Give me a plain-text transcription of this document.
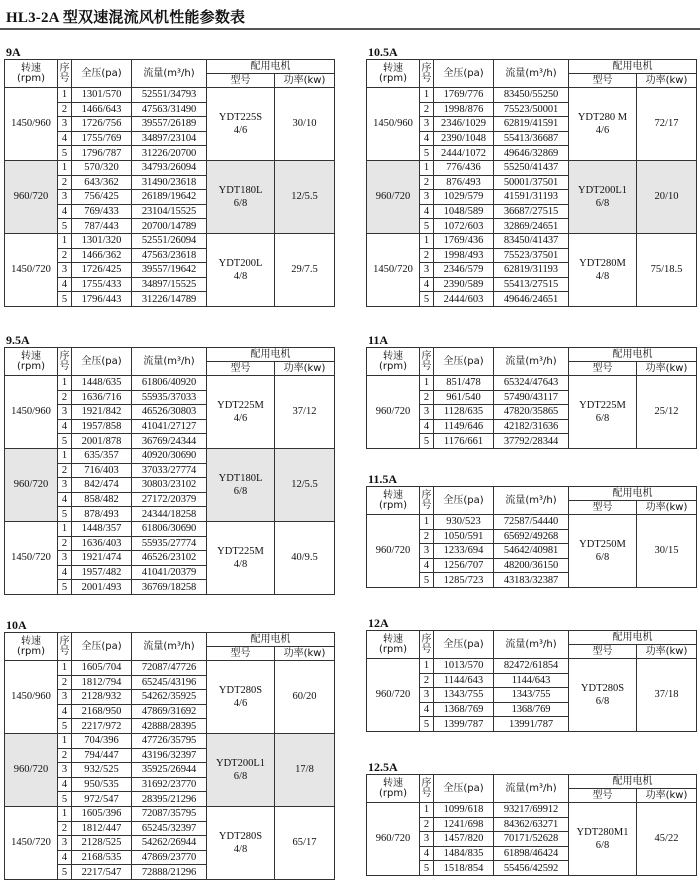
HL3-2A 型双速混流风机性能参数表
9A
转速
(rpm)	序号	全压(pa)	流量(m³/h)	配用电机	
				型号	功率(kw)
1450/960	1	1301/570	52551/34793	YDT225S
4/6	30/10
	2	1466/643	47563/31490		
	3	1726/756	39557/26189		
	4	1755/769	34897/23104		
	5	1796/787	31226/20700		
960/720	1	570/320	34793/26094	YDT180L
6/8	12/5.5
	2	643/362	31490/23618		
	3	756/425	26189/19642		
	4	769/433	23104/15525		
	5	787/443	20700/14789		
1450/720	1	1301/320	52551/26094	YDT200L
4/8	29/7.5
	2	1466/362	47563/23618		
	3	1726/425	39557/19642		
	4	1755/433	34897/15525		
	5	1796/443	31226/14789		
9.5A
转速
(rpm)	序号	全压(pa)	流量(m³/h)	配用电机	
				型号	功率(kw)
1450/960	1	1448/635	61806/40920	YDT225M
4/6	37/12
	2	1636/716	55935/37033		
	3	1921/842	46526/30803		
	4	1957/858	41041/27127		
	5	2001/878	36769/24344		
960/720	1	635/357	40920/30690	YDT180L
6/8	12/5.5
	2	716/403	37033/27774		
	3	842/474	30803/23102		
	4	858/482	27172/20379		
	5	878/493	24344/18258		
1450/720	1	1448/357	61806/30690	YDT225M
4/8	40/9.5
	2	1636/403	55935/27774		
	3	1921/474	46526/23102		
	4	1957/482	41041/20379		
	5	2001/493	36769/18258		
10A
转速
(rpm)	序号	全压(pa)	流量(m³/h)	配用电机	
				型号	功率(kw)
1450/960	1	1605/704	72087/47726	YDT280S
4/6	60/20
	2	1812/794	65245/43196		
	3	2128/932	54262/35925		
	4	2168/950	47869/31692		
	5	2217/972	42888/28395		
960/720	1	704/396	47726/35795	YDT200L1
6/8	17/8
	2	794/447	43196/32397		
	3	932/525	35925/26944		
	4	950/535	31692/23770		
	5	972/547	28395/21296		
1450/720	1	1605/396	72087/35795	YDT280S
4/8	65/17
	2	1812/447	65245/32397		
	3	2128/525	54262/26944		
	4	2168/535	47869/23770		
	5	2217/547	72888/21296		
10.5A
转速
(rpm)	序号	全压(pa)	流量(m³/h)	配用电机	
				型号	功率(kw)
1450/960	1	1769/776	83450/55250	YDT280 M
4/6	72/17
	2	1998/876	75523/50001		
	3	2346/1029	62819/41591		
	4	2390/1048	55413/36687		
	5	2444/1072	49646/32869		
960/720	1	776/436	55250/41437	YDT200L1
6/8	20/10
	2	876/493	50001/37501		
	3	1029/579	41591/31193		
	4	1048/589	36687/27515		
	5	1072/603	32869/24651		
1450/720	1	1769/436	83450/41437	YDT280M
4/8	75/18.5
	2	1998/493	75523/37501		
	3	2346/579	62819/31193		
	4	2390/589	55413/27515		
	5	2444/603	49646/24651		
11A
转速
(rpm)	序号	全压(pa)	流量(m³/h)	配用电机	
				型号	功率(kw)
960/720	1	851/478	65324/47643	YDT225M
6/8	25/12
	2	961/540	57490/43117		
	3	1128/635	47820/35865		
	4	1149/646	42182/31636		
	5	1176/661	37792/28344		
11.5A
转速
(rpm)	序号	全压(pa)	流量(m³/h)	配用电机	
				型号	功率(kw)
960/720	1	930/523	72587/54440	YDT250M
6/8	30/15
	2	1050/591	65692/49268		
	3	1233/694	54642/40981		
	4	1256/707	48200/36150		
	5	1285/723	43183/32387		
12A
转速
(rpm)	序号	全压(pa)	流量(m³/h)	配用电机	
				型号	功率(kw)
960/720	1	1013/570	82472/61854	YDT280S
6/8	37/18
	2	1144/643	1144/643		
	3	1343/755	1343/755		
	4	1368/769	1368/769		
	5	1399/787	13991/787		
12.5A
转速
(rpm)	序号	全压(pa)	流量(m³/h)	配用电机	
				型号	功率(kw)
960/720	1	1099/618	93217/69912	YDT280M1
6/8	45/22
	2	1241/698	84362/63271		
	3	1457/820	70171/52628		
	4	1484/835	61898/46424		
	5	1518/854	55456/42592		
